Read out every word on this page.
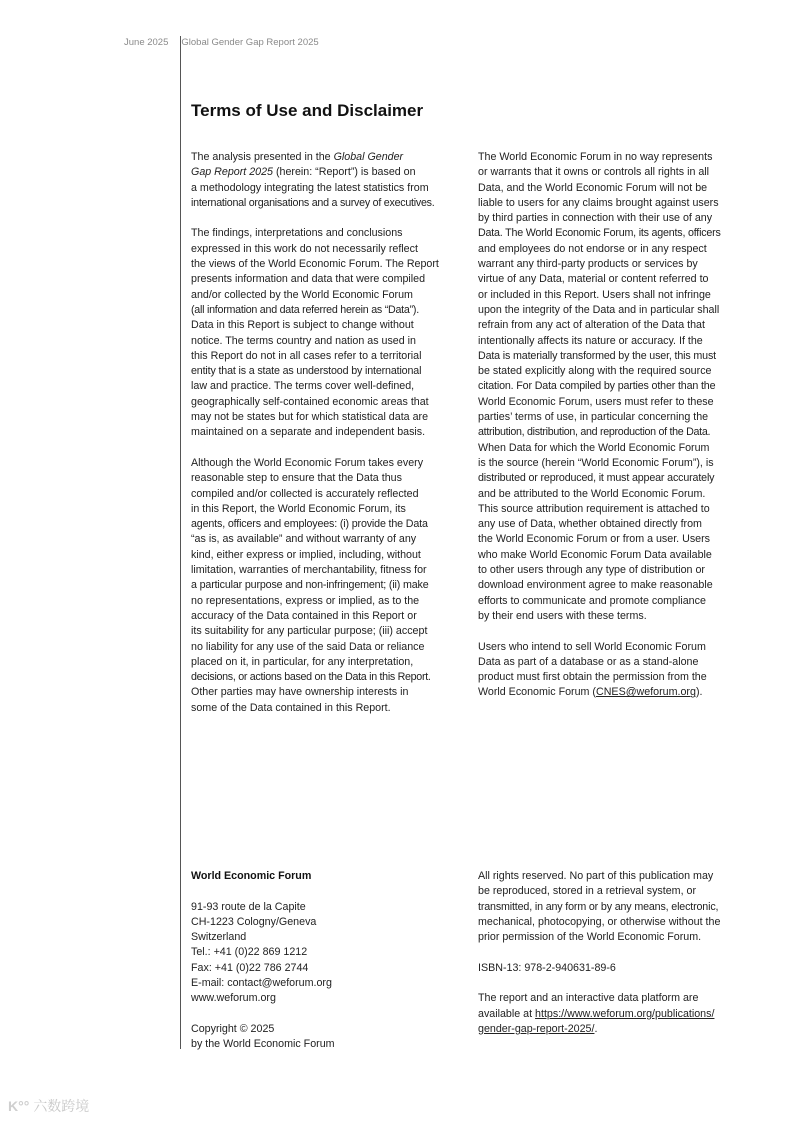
June 2025 Global Gender Gap Report 2025
Terms of Use and Disclaimer
The analysis presented in the Global Gender
Gap Report 2025 (herein: “Report”) is based on
a methodology integrating the latest statistics from
international organisations and a survey of executives.
The findings, interpretations and conclusions
expressed in this work do not necessarily reflect
the views of the World Economic Forum. The Report
presents information and data that were compiled
and/or collected by the World Economic Forum
(all information and data referred herein as “Data”).
Data in this Report is subject to change without
notice. The terms country and nation as used in
this Report do not in all cases refer to a territorial
entity that is a state as understood by international
law and practice. The terms cover well-defined,
geographically self-contained economic areas that
may not be states but for which statistical data are
maintained on a separate and independent basis.
Although the World Economic Forum takes every
reasonable step to ensure that the Data thus
compiled and/or collected is accurately reflected
in this Report, the World Economic Forum, its
agents, officers and employees: (i) provide the Data
“as is, as available” and without warranty of any
kind, either express or implied, including, without
limitation, warranties of merchantability, fitness for
a particular purpose and non-infringement; (ii) make
no representations, express or implied, as to the
accuracy of the Data contained in this Report or
its suitability for any particular purpose; (iii) accept
no liability for any use of the said Data or reliance
placed on it, in particular, for any interpretation,
decisions, or actions based on the Data in this Report.
Other parties may have ownership interests in
some of the Data contained in this Report.
The World Economic Forum in no way represents
or warrants that it owns or controls all rights in all
Data, and the World Economic Forum will not be
liable to users for any claims brought against users
by third parties in connection with their use of any
Data. The World Economic Forum, its agents, officers
and employees do not endorse or in any respect
warrant any third-party products or services by
virtue of any Data, material or content referred to
or included in this Report. Users shall not infringe
upon the integrity of the Data and in particular shall
refrain from any act of alteration of the Data that
intentionally affects its nature or accuracy. If the
Data is materially transformed by the user, this must
be stated explicitly along with the required source
citation. For Data compiled by parties other than the
World Economic Forum, users must refer to these
parties’ terms of use, in particular concerning the
attribution, distribution, and reproduction of the Data.
When Data for which the World Economic Forum
is the source (herein “World Economic Forum”), is
distributed or reproduced, it must appear accurately
and be attributed to the World Economic Forum.
This source attribution requirement is attached to
any use of Data, whether obtained directly from
the World Economic Forum or from a user. Users
who make World Economic Forum Data available
to other users through any type of distribution or
download environment agree to make reasonable
efforts to communicate and promote compliance
by their end users with these terms.
Users who intend to sell World Economic Forum
Data as part of a database or as a stand-alone
product must first obtain the permission from the
World Economic Forum (CNES@weforum.org).
World Economic Forum
91-93 route de la Capite
CH-1223 Cologny/Geneva
Switzerland
Tel.: +41 (0)22 869 1212
Fax: +41 (0)22 786 2744
E-mail: contact@weforum.org
www.weforum.org
Copyright © 2025
by the World Economic Forum
All rights reserved. No part of this publication may
be reproduced, stored in a retrieval system, or
transmitted, in any form or by any means, electronic,
mechanical, photocopying, or otherwise without the
prior permission of the World Economic Forum.
ISBN-13: 978-2-940631-89-6
The report and an interactive data platform are
available at https://www.weforum.org/publications/
gender-gap-report-2025/.
K°° 六数跨境
